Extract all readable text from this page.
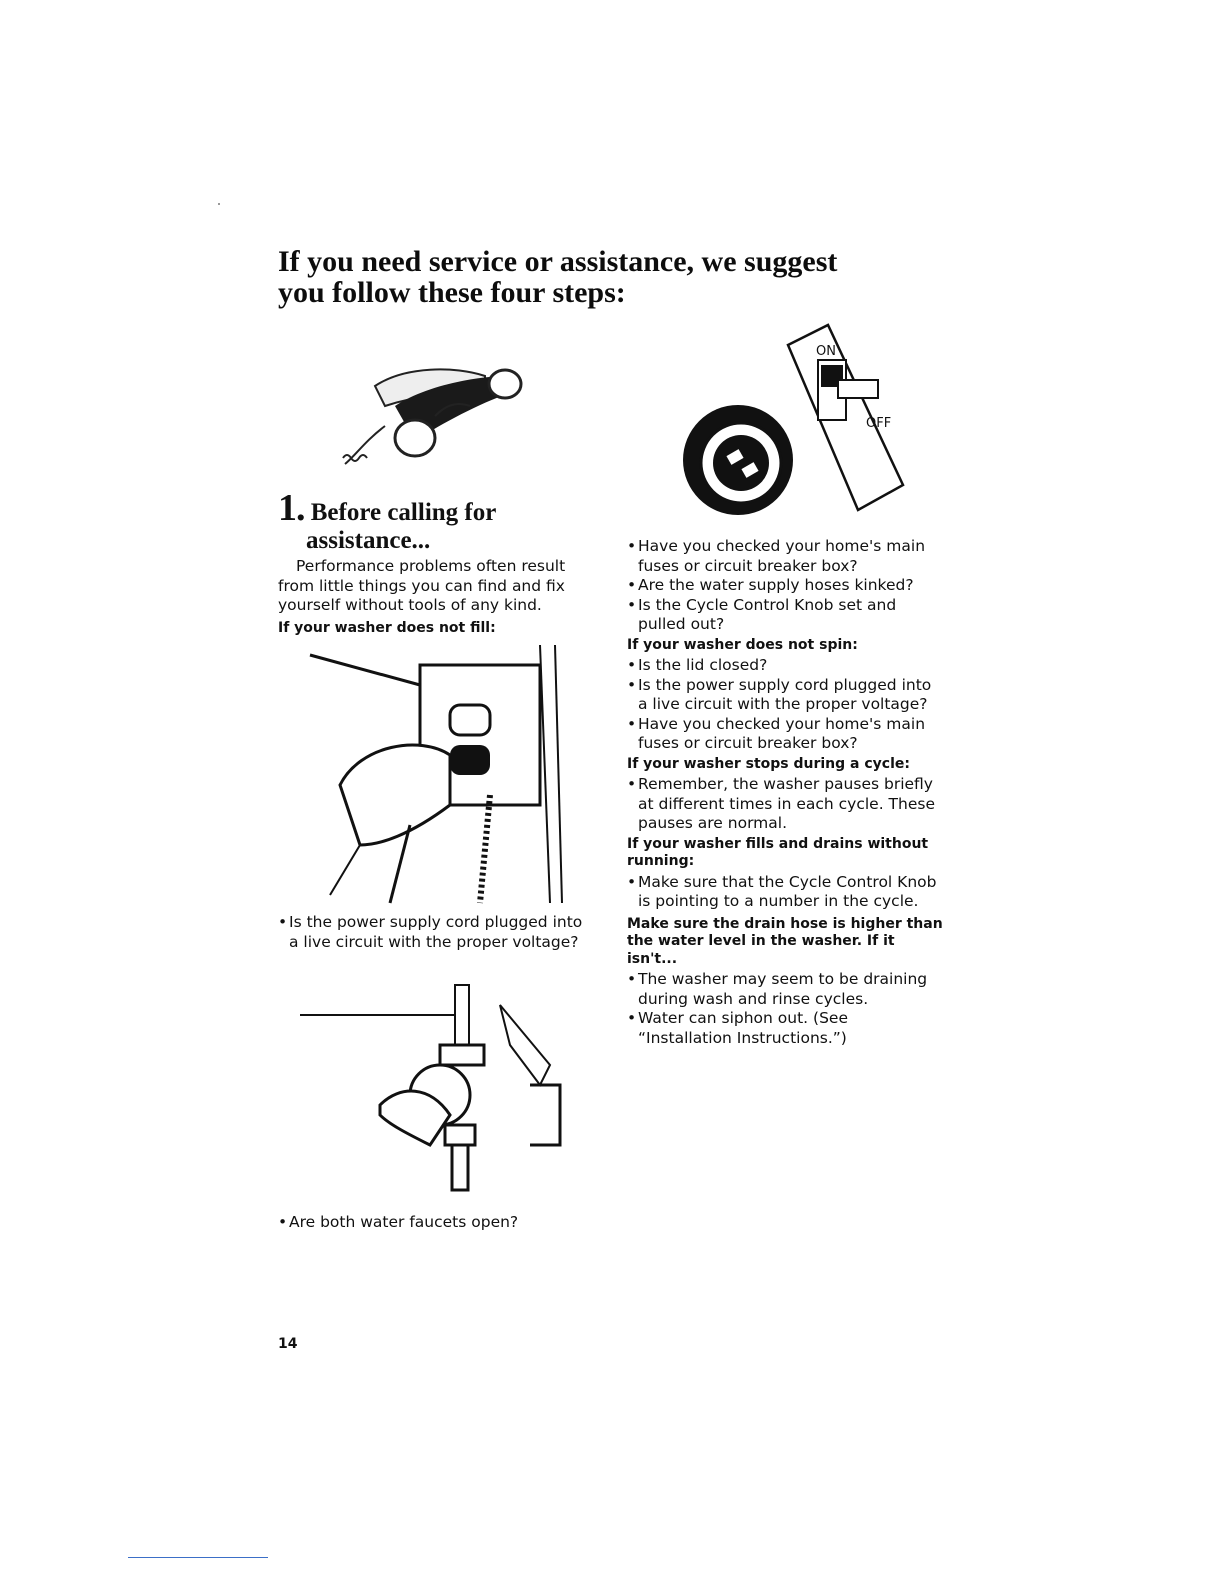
If you need service or assistance, we suggest
you follow these four steps:
ON
OFF
1. Before calling for
assistance...

Performance problems often result from little things you can find and fix yourself without tools of any kind.

If your washer does not fill:

• Is the power supply cord plugged into a live circuit with the proper voltage?

• Are both water faucets open?

• Have you checked your home's main fuses or circuit breaker box?

• Are the water supply hoses kinked?

• Is the Cycle Control Knob set and pulled out?

If your washer does not spin:

• Is the lid closed?

• Is the power supply cord plugged into a live circuit with the proper voltage?

• Have you checked your home's main fuses or circuit breaker box?

If your washer stops during a cycle:

• Remember, the washer pauses briefly at different times in each cycle. These pauses are normal.

If your washer fills and drains without running:

• Make sure that the Cycle Control Knob is pointing to a number in the cycle.

Make sure the drain hose is higher than the water level in the washer. If it isn't...

• The washer may seem to be draining during wash and rinse cycles.

• Water can siphon out. (See “Installation Instructions.”)

14
